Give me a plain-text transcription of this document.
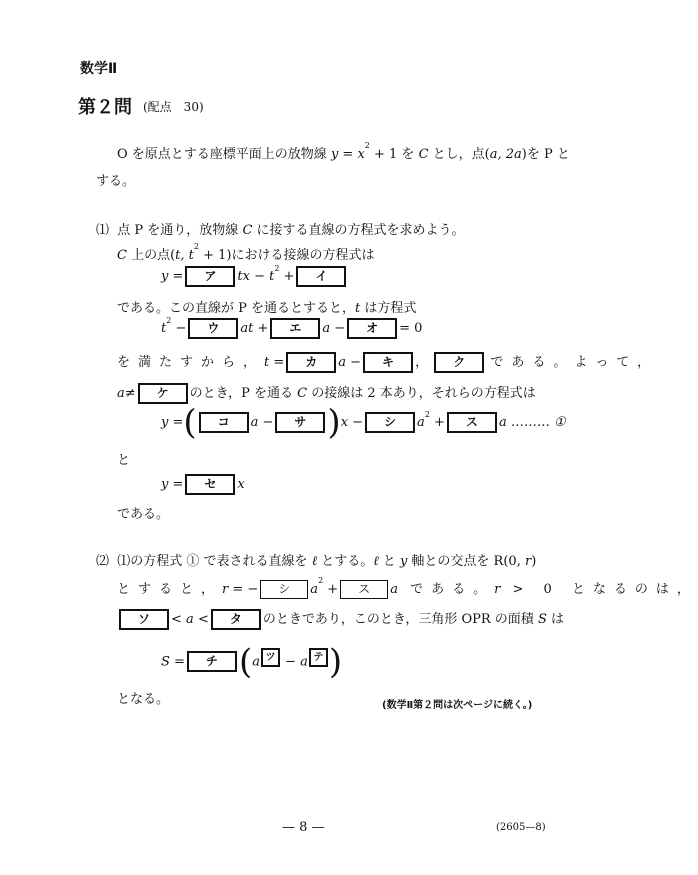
数学Ⅱ
第２問 (配点　30)
O を原点とする座標平面上の放物線 $y = x^2 + 1$ を C とし，点(a, 2a)を P と
する。
⑴ 点 P を通り，放物線 C に接する直線の方程式を求めよう。
C 上の点(t, $t^2 + 1$)における接線の方程式は
y = ア tx − $t^2$ + イ
である。この直線が P を通るとすると，t は方程式
$t^2$ − ウ at + エ a − オ = 0
を満たすから，t = カ a − キ ， ク である。よって，
a≠ ケ のとき，P を通る C の接線は 2 本あり，それらの方程式は
y =( コ a − サ )x − シ $a^2$ + ス a ……… ①
と
y = セ x
である。
⑵ ⑴の方程式 ① で表される直線を ℓ とする。ℓ と y 軸との交点を R(0, r)
とすると，r = − シ $a^2$ + ス a である。r > 0 となるのは，
ソ < a < タ のときであり，このとき，三角形 OPR の面積 S は
S = チ (a ツ − a テ )
となる。	(数学Ⅱ第２問は次ページに続く。)
— 8 —	(2605—8)
